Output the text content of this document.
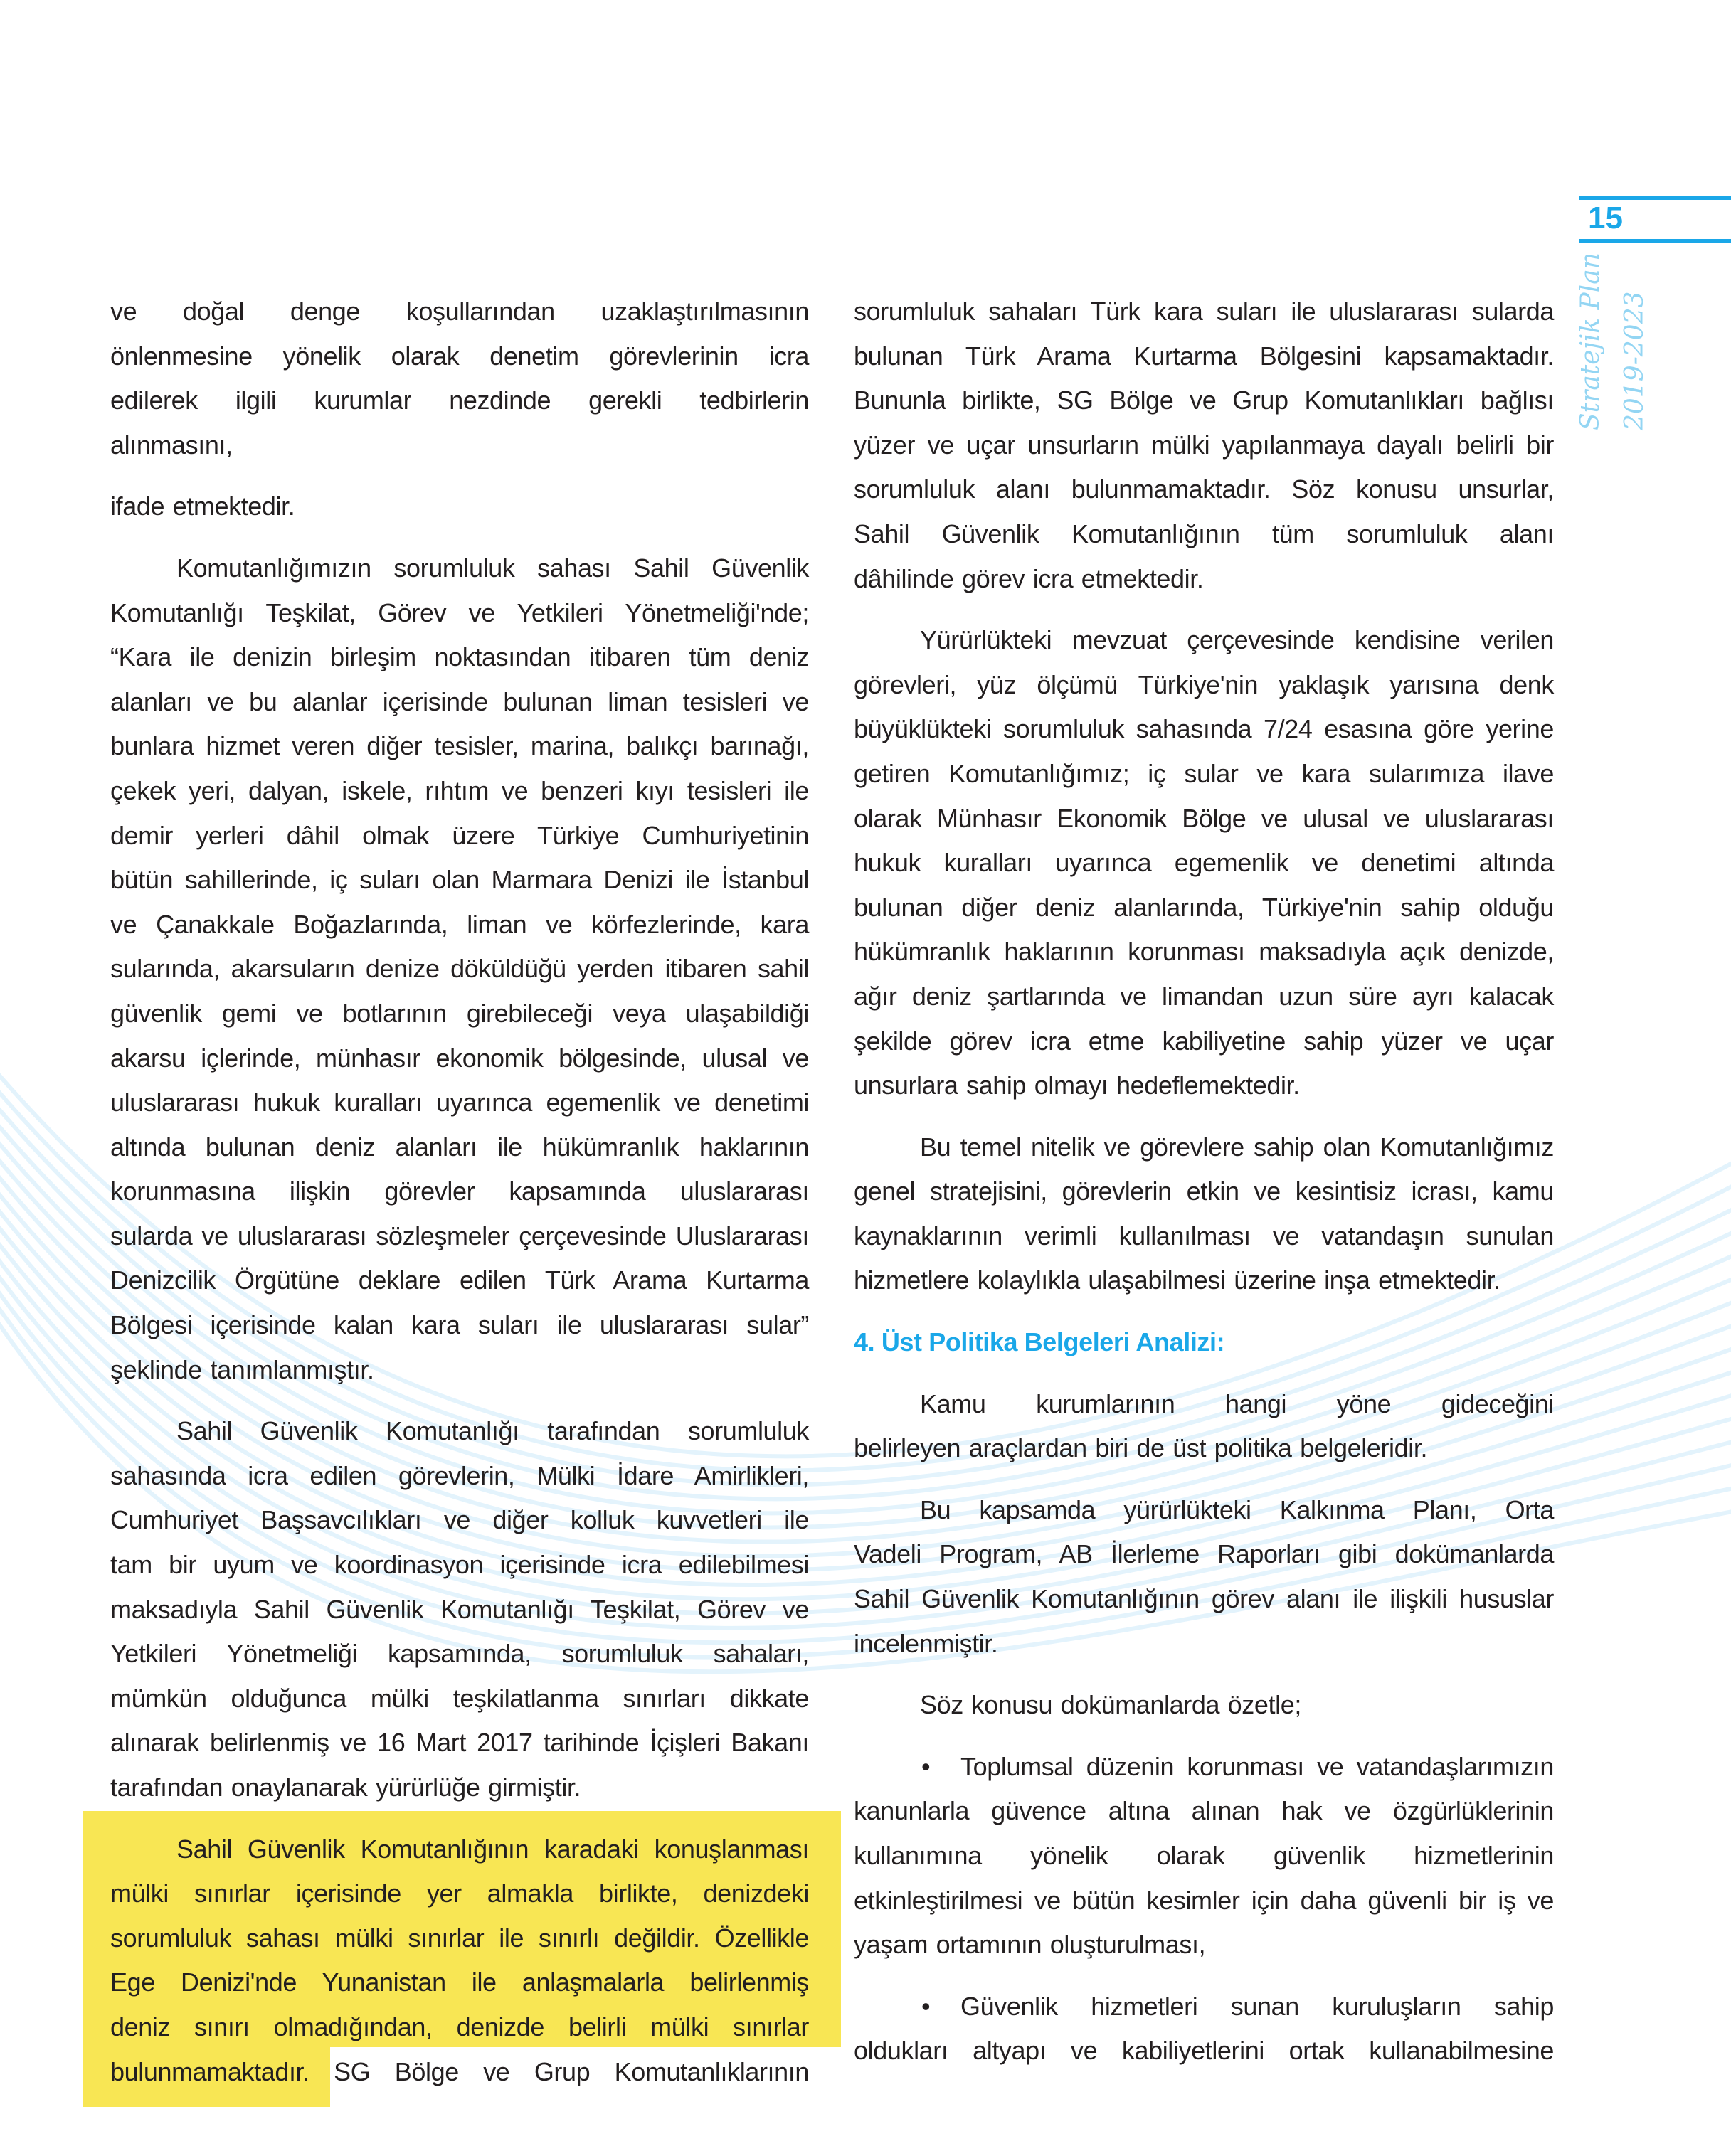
15
Stratejik Plan 2019-2023
ve doğal denge koşullarından uzaklaştırılmasının
önlenmesine yönelik olarak denetim görevlerinin icra
edilerek ilgili kurumlar nezdinde gerekli tedbirlerin
alınmasını,
ifade etmektedir.
Komutanlığımızın sorumluluk sahası Sahil Güvenlik
Komutanlığı Teşkilat, Görev ve Yetkileri Yönetmeliği'nde;
“Kara ile denizin birleşim noktasından itibaren tüm deniz
alanları ve bu alanlar içerisinde bulunan liman tesisleri ve
bunlara hizmet veren diğer tesisler, marina, balıkçı barınağı,
çekek yeri, dalyan, iskele, rıhtım ve benzeri kıyı tesisleri ile
demir yerleri dâhil olmak üzere Türkiye Cumhuriyetinin
bütün sahillerinde, iç suları olan Marmara Denizi ile İstanbul
ve Çanakkale Boğazlarında, liman ve körfezlerinde, kara
sularında, akarsuların denize döküldüğü yerden itibaren sahil
güvenlik gemi ve botlarının girebileceği veya ulaşabildiği
akarsu içlerinde, münhasır ekonomik bölgesinde, ulusal ve
uluslararası hukuk kuralları uyarınca egemenlik ve denetimi
altında bulunan deniz alanları ile hükümranlık haklarının
korunmasına ilişkin görevler kapsamında uluslararası
sularda ve uluslararası sözleşmeler çerçevesinde Uluslararası
Denizcilik Örgütüne deklare edilen Türk Arama Kurtarma
Bölgesi içerisinde kalan kara suları ile uluslararası sular”
şeklinde tanımlanmıştır.
Sahil Güvenlik Komutanlığı tarafından sorumluluk
sahasında icra edilen görevlerin, Mülki İdare Amirlikleri,
Cumhuriyet Başsavcılıkları ve diğer kolluk kuvvetleri ile
tam bir uyum ve koordinasyon içerisinde icra edilebilmesi
maksadıyla Sahil Güvenlik Komutanlığı Teşkilat, Görev ve
Yetkileri Yönetmeliği kapsamında, sorumluluk sahaları,
mümkün olduğunca mülki teşkilatlanma sınırları dikkate
alınarak belirlenmiş ve 16 Mart 2017 tarihinde İçişleri Bakanı
tarafından onaylanarak yürürlüğe girmiştir.
Sahil Güvenlik Komutanlığının karadaki konuşlanması
mülki sınırlar içerisinde yer almakla birlikte, denizdeki
sorumluluk sahası mülki sınırlar ile sınırlı değildir. Özellikle
Ege Denizi'nde Yunanistan ile anlaşmalarla belirlenmiş
deniz sınırı olmadığından, denizde belirli mülki sınırlar
bulunmamaktadır. SG Bölge ve Grup Komutanlıklarının
sorumluluk sahaları Türk kara suları ile uluslararası sularda
bulunan Türk Arama Kurtarma Bölgesini kapsamaktadır.
Bununla birlikte, SG Bölge ve Grup Komutanlıkları bağlısı
yüzer ve uçar unsurların mülki yapılanmaya dayalı belirli bir
sorumluluk alanı bulunmamaktadır. Söz konusu unsurlar,
Sahil Güvenlik Komutanlığının tüm sorumluluk alanı
dâhilinde görev icra etmektedir.
Yürürlükteki mevzuat çerçevesinde kendisine verilen
görevleri, yüz ölçümü Türkiye'nin yaklaşık yarısına denk
büyüklükteki sorumluluk sahasında 7/24 esasına göre yerine
getiren Komutanlığımız; iç sular ve kara sularımıza ilave
olarak Münhasır Ekonomik Bölge ve ulusal ve uluslararası
hukuk kuralları uyarınca egemenlik ve denetimi altında
bulunan diğer deniz alanlarında, Türkiye'nin sahip olduğu
hükümranlık haklarının korunması maksadıyla açık denizde,
ağır deniz şartlarında ve limandan uzun süre ayrı kalacak
şekilde görev icra etme kabiliyetine sahip yüzer ve uçar
unsurlara sahip olmayı hedeflemektedir.
Bu temel nitelik ve görevlere sahip olan Komutanlığımız
genel stratejisini, görevlerin etkin ve kesintisiz icrası, kamu
kaynaklarının verimli kullanılması ve vatandaşın sunulan
hizmetlere kolaylıkla ulaşabilmesi üzerine inşa etmektedir.
4. Üst Politika Belgeleri Analizi:
Kamu kurumlarının hangi yöne gideceğini
belirleyen araçlardan biri de üst politika belgeleridir.
Bu kapsamda yürürlükteki Kalkınma Planı, Orta
Vadeli Program, AB İlerleme Raporları gibi dokümanlarda
Sahil Güvenlik Komutanlığının görev alanı ile ilişkili hususlar
incelenmiştir.
Söz konusu dokümanlarda özetle;
• Toplumsal düzenin korunması ve vatandaşlarımızın
kanunlarla güvence altına alınan hak ve özgürlüklerinin
kullanımına yönelik olarak güvenlik hizmetlerinin
etkinleştirilmesi ve bütün kesimler için daha güvenli bir iş ve
yaşam ortamının oluşturulması,
• Güvenlik hizmetleri sunan kuruluşların sahip
oldukları altyapı ve kabiliyetlerini ortak kullanabilmesine
